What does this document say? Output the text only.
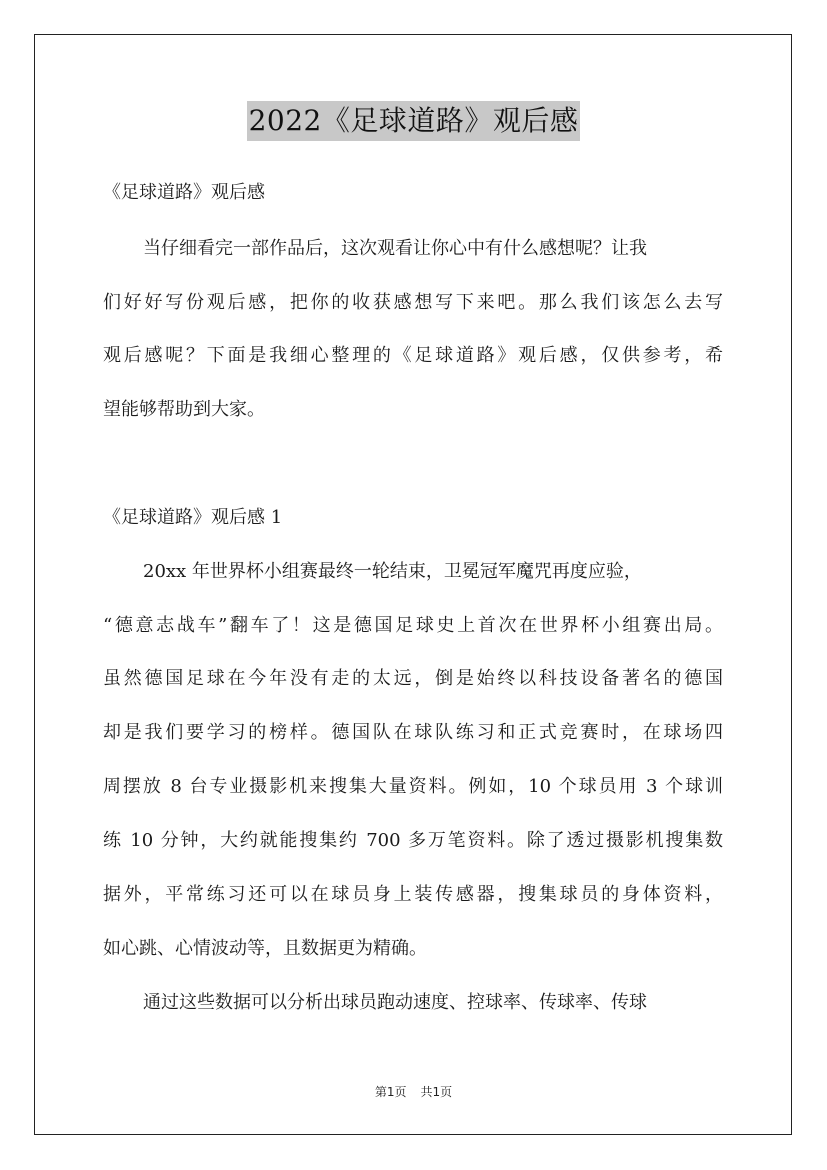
2022《足球道路》观后感
《足球道路》观后感
当仔细看完一部作品后，这次观看让你心中有什么感想呢？让我
们好好写份观后感，把你的收获感想写下来吧。那么我们该怎么去写
观后感呢？下面是我细心整理的《足球道路》观后感，仅供参考，希
望能够帮助到大家。
《足球道路》观后感 1
20xx 年世界杯小组赛最终一轮结束，卫冕冠军魔咒再度应验，
“德意志战车”翻车了！这是德国足球史上首次在世界杯小组赛出局。
虽然德国足球在今年没有走的太远，倒是始终以科技设备著名的德国
却是我们要学习的榜样。德国队在球队练习和正式竞赛时，在球场四
周摆放 8 台专业摄影机来搜集大量资料。例如，10 个球员用 3 个球训
练 10 分钟，大约就能搜集约 700 多万笔资料。除了透过摄影机搜集数
据外，平常练习还可以在球员身上装传感器，搜集球员的身体资料，
如心跳、心情波动等，且数据更为精确。
通过这些数据可以分析出球员跑动速度、控球率、传球率、传球
第1页 共1页
